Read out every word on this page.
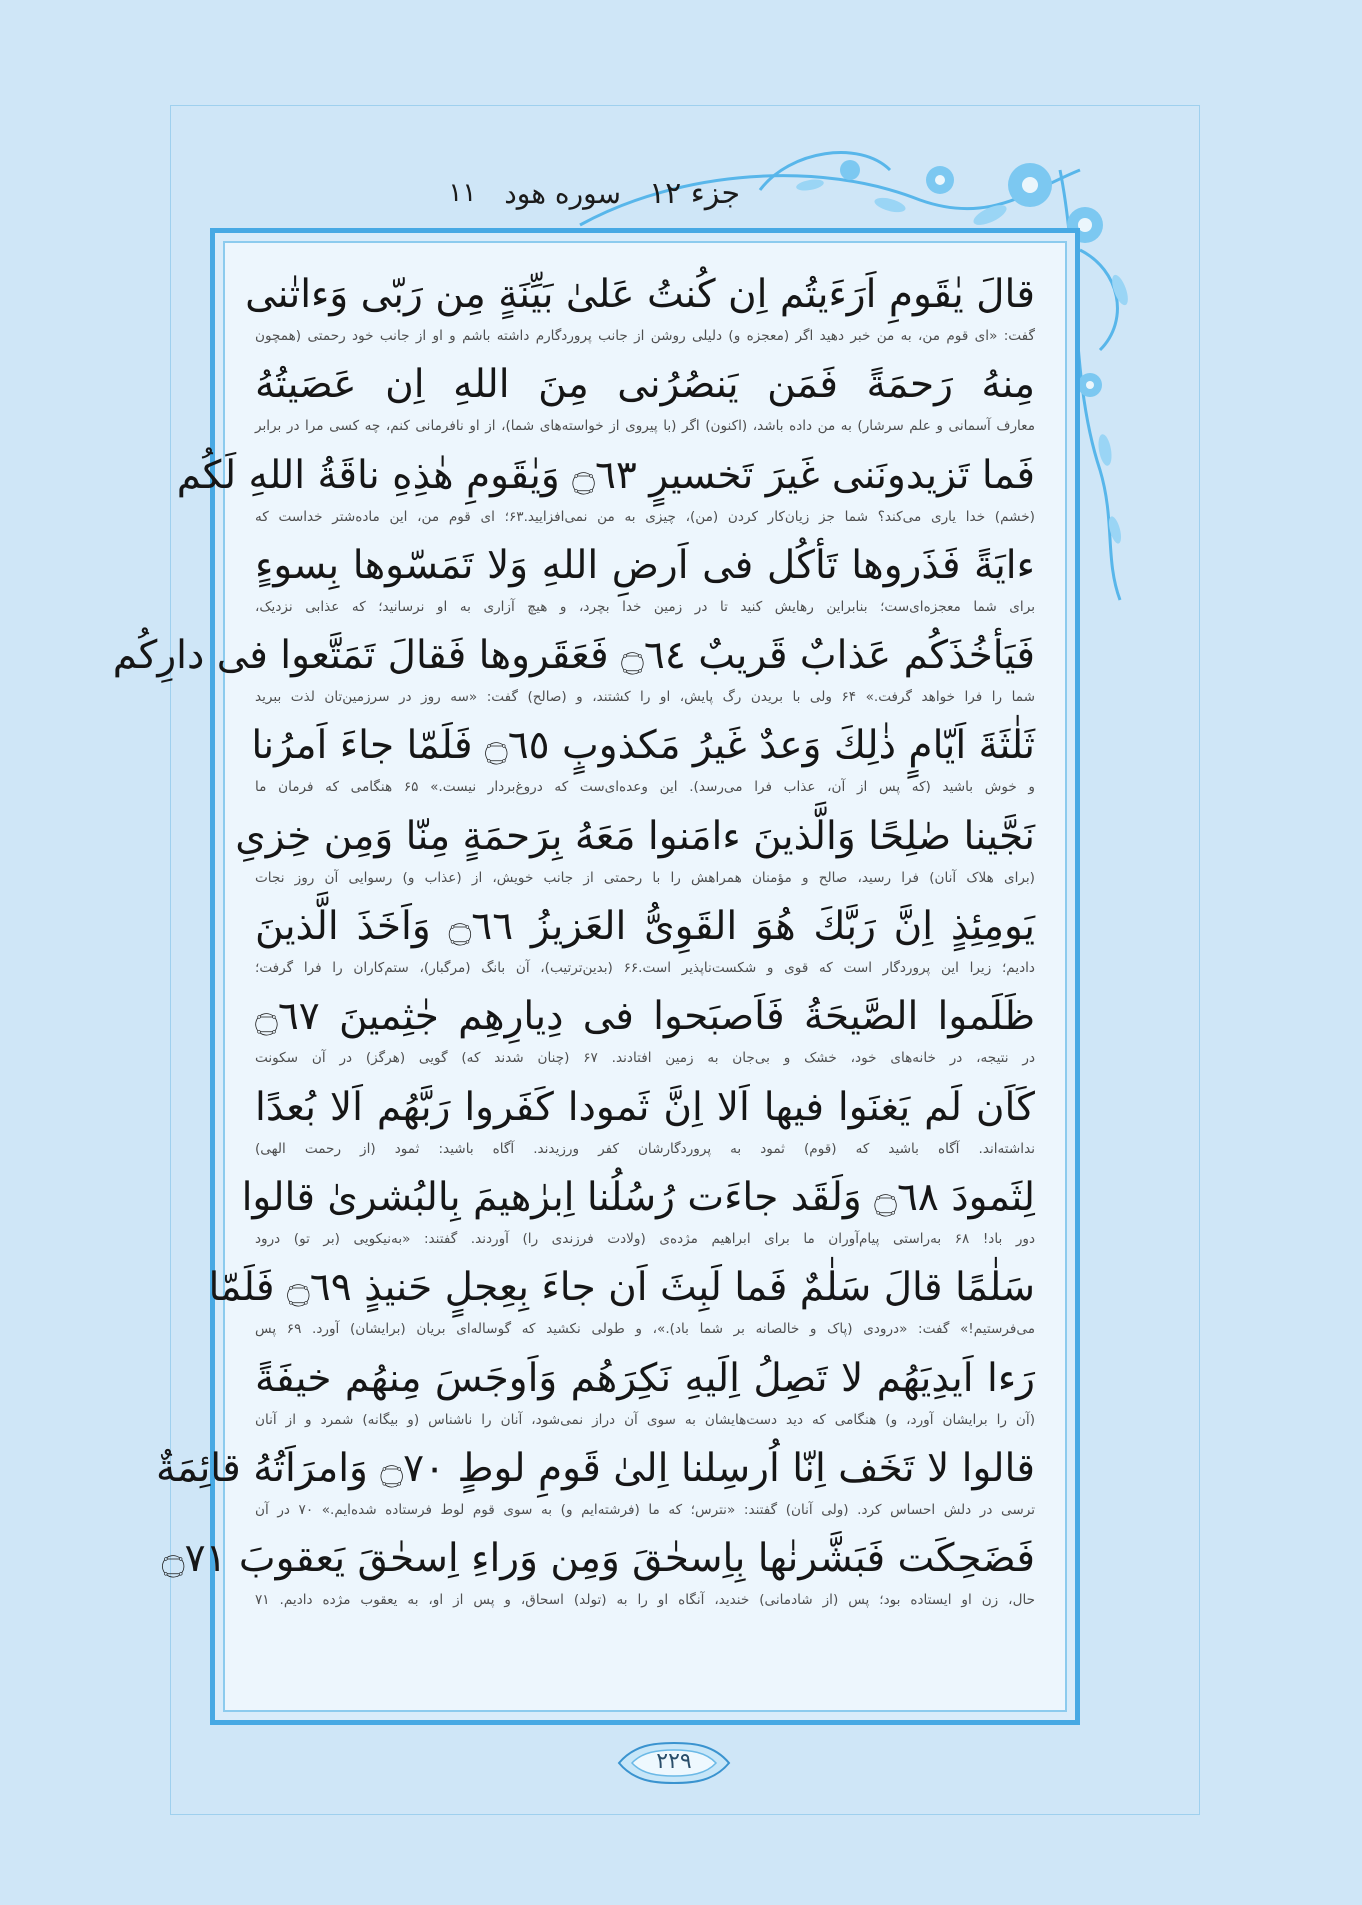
جزء ۱۲
سوره هود
۱۱
قالَ يٰقَومِ اَرَءَيتُم اِن كُنتُ عَلىٰ بَيِّنَةٍ مِن رَبّى وَءاتٰنى
گفت: «ای قوم من، به من خبر دهید اگر (معجزه و) دلیلی روشن از جانب پروردگارم داشته باشم و او از جانب خود رحمتی (همچون
مِنهُ رَحمَةً فَمَن يَنصُرُنى مِنَ اللهِ اِن عَصَيتُهُ
معارف آسمانی و علم سرشار) به من داده باشد، (اکنون) اگر (با پیروی از خواسته‌های شما)، از او نافرمانی کنم، چه کسی مرا در برابر
فَما تَزيدونَنى غَيرَ تَخسيرٍ ۝٦٣ وَيٰقَومِ هٰذِهِ ناقَةُ اللهِ لَكُم
(خشم) خدا یاری می‌کند؟ شما جز زیان‌کار کردن (من)، چیزی به من نمی‌افزایید.۶۳؛ ای قوم من، این ماده‌شتر خداست که
ءايَةً فَذَروها تَأكُل فى اَرضِ اللهِ وَلا تَمَسّوها بِسوءٍ
برای شما معجزه‌ای‌ست؛ بنابراین رهایش کنید تا در زمین خدا بچرد، و هیچ آزاری به او نرسانید؛ که عذابی نزدیک،
فَيَأخُذَكُم عَذابٌ قَريبٌ ۝٦٤ فَعَقَروها فَقالَ تَمَتَّعوا فى دارِكُم
شما را فرا خواهد گرفت.» ۶۴ ولی با بریدن رگ پایش، او را کشتند، و (صالح) گفت: «سه روز در سرزمین‌تان لذت ببرید
ثَلٰثَةَ اَيّامٍ ذٰلِكَ وَعدٌ غَيرُ مَكذوبٍ ۝٦٥ فَلَمّا جاءَ اَمرُنا
و خوش باشید (که پس از آن، عذاب فرا می‌رسد). این وعده‌ای‌ست که دروغ‌بردار نیست.» ۶۵ هنگامی که فرمان ما
نَجَّينا صٰلِحًا وَالَّذينَ ءامَنوا مَعَهُ بِرَحمَةٍ مِنّا وَمِن خِزىِ
(برای هلاک آنان) فرا رسید، صالح و مؤمنان همراهش را با رحمتی از جانب خویش، از (عذاب و) رسوایی آن روز نجات
يَومِئِذٍ اِنَّ رَبَّكَ هُوَ القَوِىُّ العَزيزُ ۝٦٦ وَاَخَذَ الَّذينَ
دادیم؛ زیرا این پروردگار است که قوی و شکست‌ناپذیر است.۶۶ (بدین‌ترتیب)، آن بانگ (مرگبار)، ستم‌کاران را فرا گرفت؛
ظَلَموا الصَّيحَةُ فَاَصبَحوا فى دِيارِهِم جٰثِمينَ ۝٦٧
در نتیجه، در خانه‌های خود، خشک و بی‌جان به زمین افتادند. ۶۷ (چنان شدند که) گویی (هرگز) در آن سکونت
كَاَن لَم يَغنَوا فيها اَلا اِنَّ ثَمودا كَفَروا رَبَّهُم اَلا بُعدًا
نداشته‌اند. آگاه باشید که (قوم) ثمود به پروردگارشان کفر ورزیدند. آگاه باشید: ثمود (از رحمت الهی)
لِثَمودَ ۝٦٨ وَلَقَد جاءَت رُسُلُنا اِبرٰهيمَ بِالبُشرىٰ قالوا
دور باد! ۶۸ به‌راستی پیام‌آوران ما برای ابراهیم مژده‌ی (ولادت فرزندی را) آوردند. گفتند: «به‌نیکویی (بر تو) درود
سَلٰمًا قالَ سَلٰمٌ فَما لَبِثَ اَن جاءَ بِعِجلٍ حَنيذٍ ۝٦٩ فَلَمّا
می‌فرستیم!» گفت: «درودی (پاک و خالصانه بر شما باد).»، و طولی نکشید که گوساله‌ای بریان (برایشان) آورد. ۶۹ پس
رَءا اَيدِيَهُم لا تَصِلُ اِلَيهِ نَكِرَهُم وَاَوجَسَ مِنهُم خيفَةً
(آن را برایشان آورد، و) هنگامی که دید دست‌هایشان به سوی آن دراز نمی‌شود، آنان را ناشناس (و بیگانه) شمرد و از آنان
قالوا لا تَخَف اِنّا اُرسِلنا اِلىٰ قَومِ لوطٍ ۝٧٠ وَامرَاَتُهُ قائِمَةٌ
ترسی در دلش احساس کرد. (ولی آنان) گفتند: «نترس؛ که ما (فرشته‌ایم و) به سوی قوم لوط فرستاده شده‌ایم.» ۷۰ در آن
فَضَحِكَت فَبَشَّرنٰها بِاِسحٰقَ وَمِن وَراءِ اِسحٰقَ يَعقوبَ ۝٧١
حال، زن او ایستاده بود؛ پس (از شادمانی) خندید، آنگاه او را به (تولد) اسحاق، و پس از او، به یعقوب مژده دادیم. ۷۱
۲۲۹
